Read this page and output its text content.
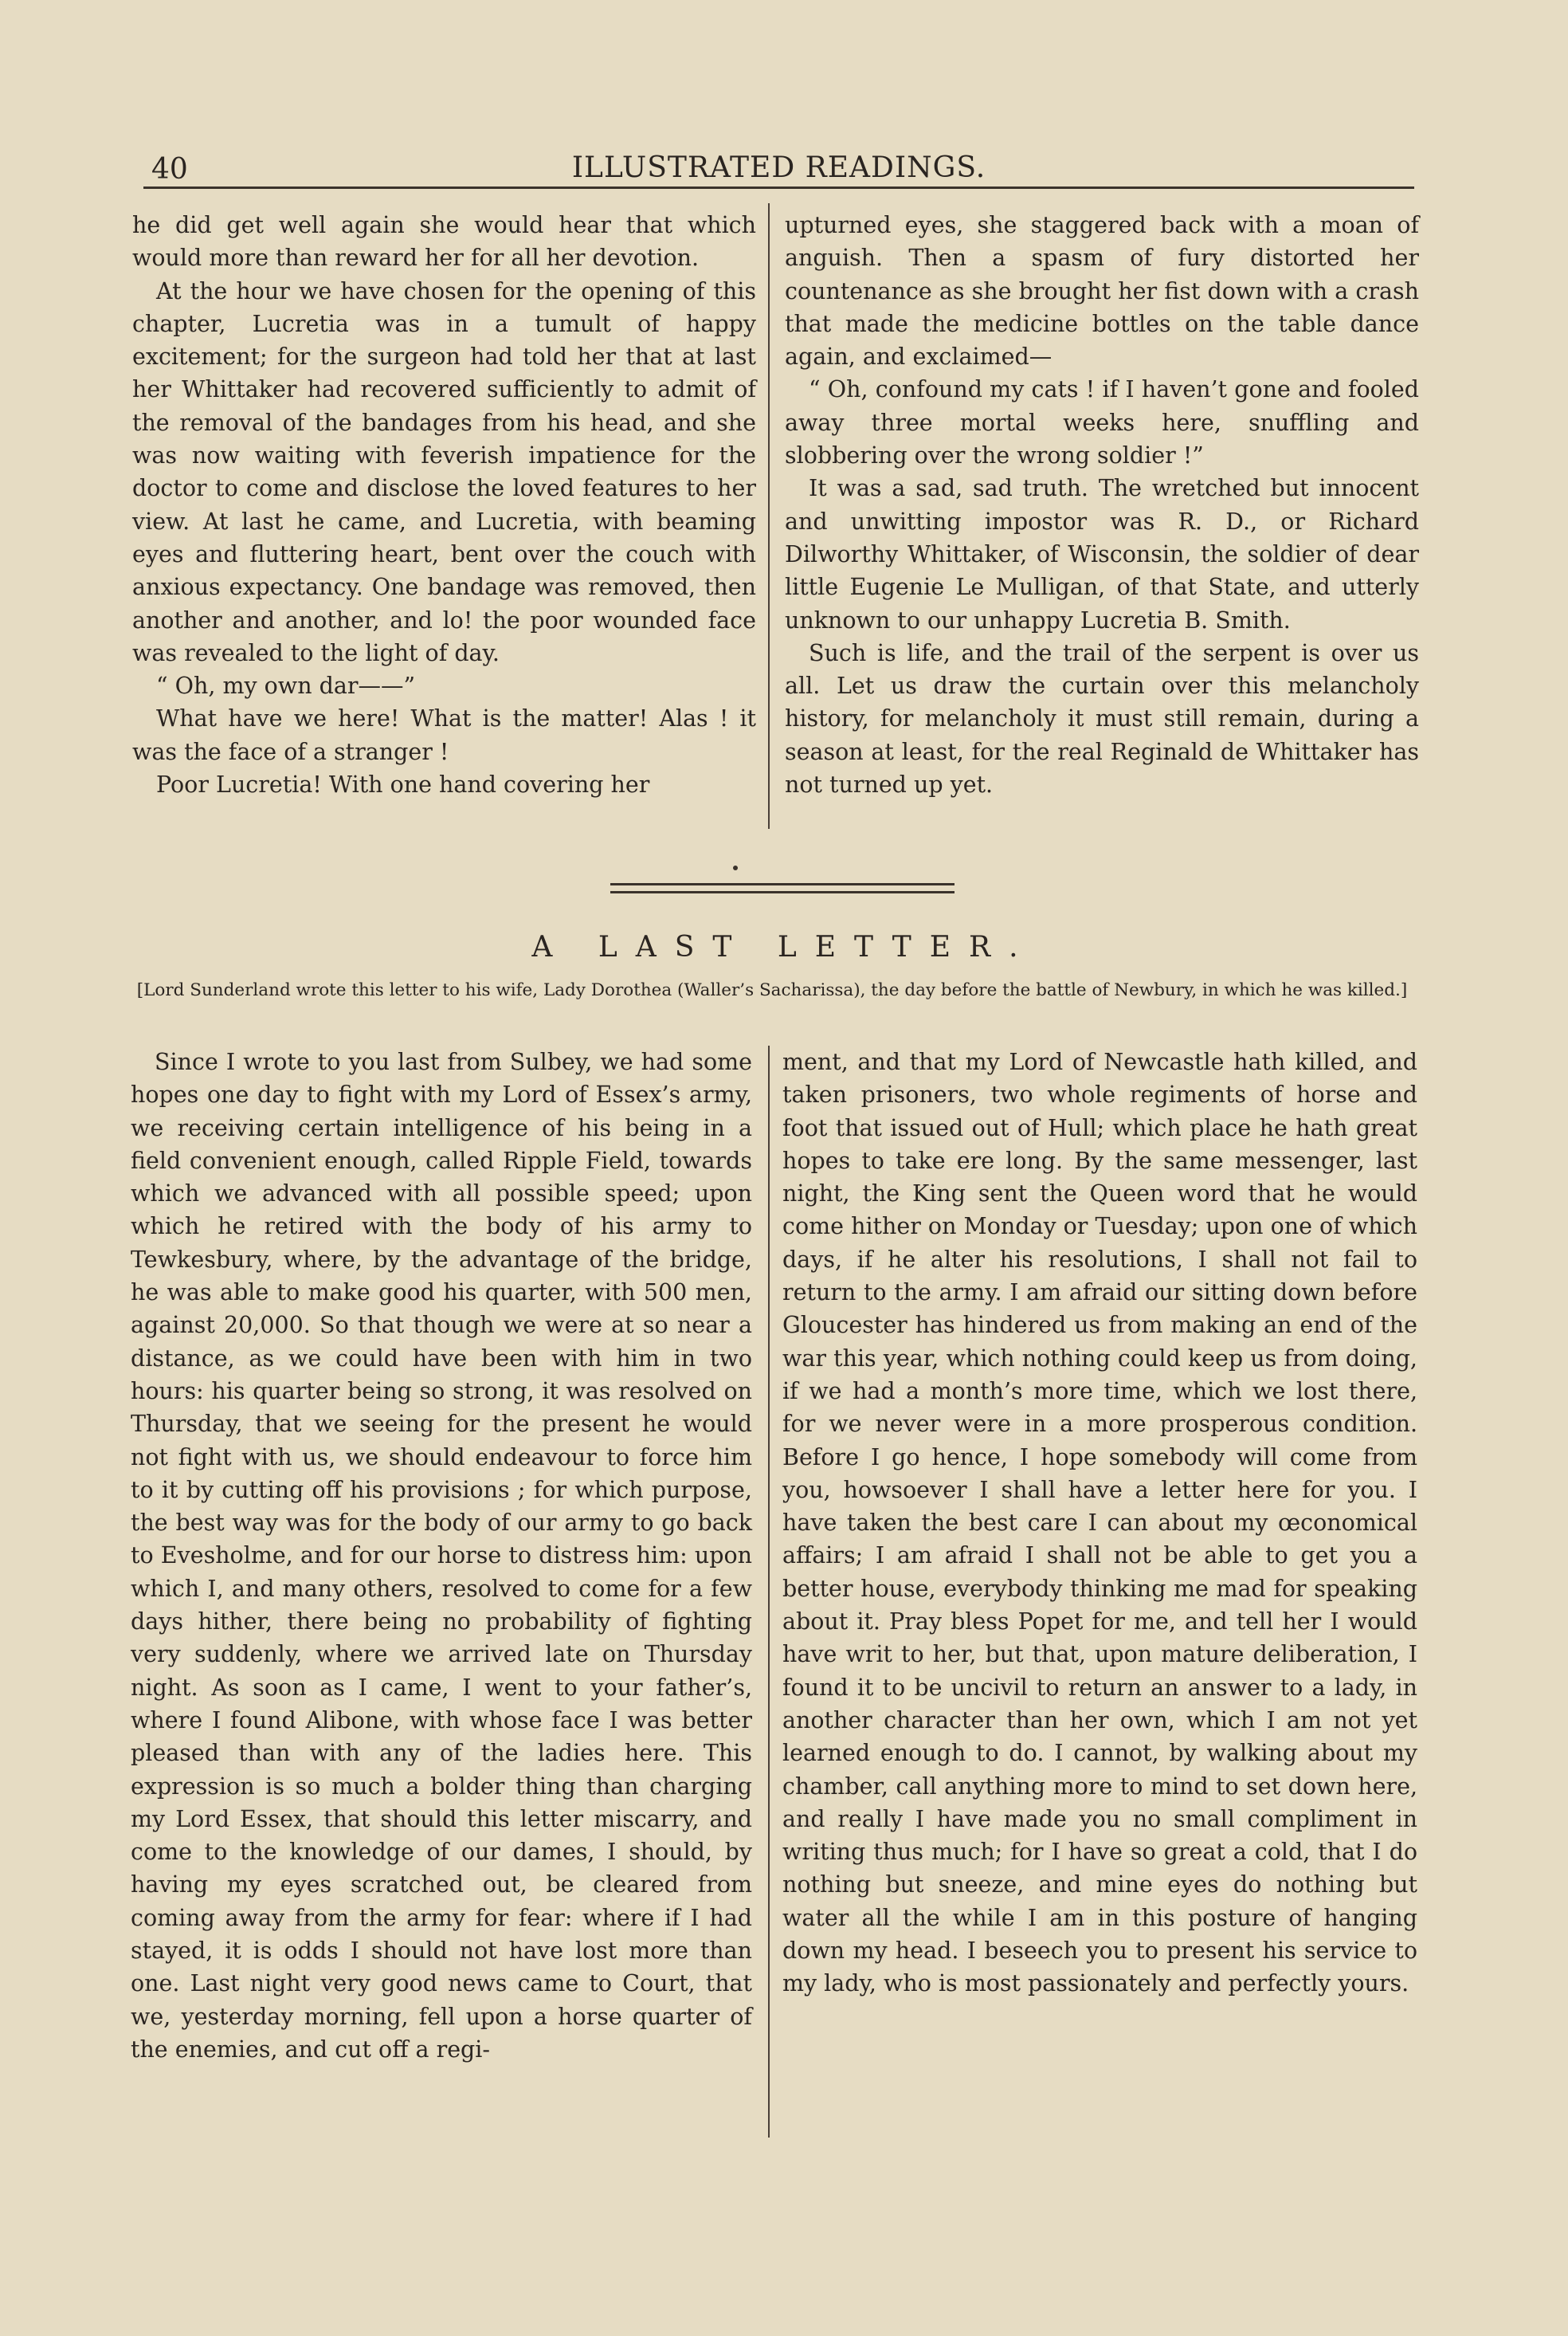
40	ILLUSTRATED READINGS.

he did get well again she would hear that which would more than reward her for all her devotion.

At the hour we have chosen for the opening of this chapter, Lucretia was in a tumult of happy excitement; for the surgeon had told her that at last her Whittaker had recovered sufficiently to admit of the removal of the bandages from his head, and she was now waiting with feverish impatience for the doctor to come and disclose the loved features to her view. At last he came, and Lucretia, with beaming eyes and fluttering heart, bent over the couch with anxious expectancy. One bandage was removed, then another and another, and lo! the poor wounded face was revealed to the light of day.

“ Oh, my own dar——”

What have we here! What is the matter! Alas ! it was the face of a stranger !

Poor Lucretia! With one hand covering her

upturned eyes, she staggered back with a moan of anguish. Then a spasm of fury distorted her countenance as she brought her fist down with a crash that made the medicine bottles on the table dance again, and exclaimed—

“ Oh, confound my cats ! if I haven’t gone and fooled away three mortal weeks here, snuffling and slobbering over the wrong soldier !”

It was a sad, sad truth. The wretched but innocent and unwitting impostor was R. D., or Richard Dilworthy Whittaker, of Wisconsin, the soldier of dear little Eugenie Le Mulligan, of that State, and utterly unknown to our unhappy Lucretia B. Smith.

Such is life, and the trail of the serpent is over us all. Let us draw the curtain over this melancholy history, for melancholy it must still remain, during a season at least, for the real Reginald de Whittaker has not turned up yet.

A LAST LETTER.
[Lord Sunderland wrote this letter to his wife, Lady Dorothea (Waller’s Sacharissa), the day before the battle of Newbury, in which he was killed.]

Since I wrote to you last from Sulbey, we had some hopes one day to fight with my Lord of Essex’s army, we receiving certain intelligence of his being in a field convenient enough, called Ripple Field, towards which we advanced with all possible speed; upon which he retired with the body of his army to Tewkesbury, where, by the advantage of the bridge, he was able to make good his quarter, with 500 men, against 20,000. So that though we were at so near a distance, as we could have been with him in two hours: his quarter being so strong, it was resolved on Thursday, that we seeing for the present he would not fight with us, we should endeavour to force him to it by cutting off his provisions ; for which purpose, the best way was for the body of our army to go back to Evesholme, and for our horse to distress him: upon which I, and many others, resolved to come for a few days hither, there being no probability of fighting very suddenly, where we arrived late on Thursday night. As soon as I came, I went to your father’s, where I found Alibone, with whose face I was better pleased than with any of the ladies here. This expression is so much a bolder thing than charging my Lord Essex, that should this letter miscarry, and come to the knowledge of our dames, I should, by having my eyes scratched out, be cleared from coming away from the army for fear: where if I had stayed, it is odds I should not have lost more than one. Last night very good news came to Court, that we, yesterday morning, fell upon a horse quarter of the enemies, and cut off a regi-

ment, and that my Lord of Newcastle hath killed, and taken prisoners, two whole regiments of horse and foot that issued out of Hull; which place he hath great hopes to take ere long. By the same messenger, last night, the King sent the Queen word that he would come hither on Monday or Tuesday; upon one of which days, if he alter his resolutions, I shall not fail to return to the army. I am afraid our sitting down before Gloucester has hindered us from making an end of the war this year, which nothing could keep us from doing, if we had a month’s more time, which we lost there, for we never were in a more prosperous condition. Before I go hence, I hope somebody will come from you, howsoever I shall have a letter here for you. I have taken the best care I can about my œconomical affairs; I am afraid I shall not be able to get you a better house, everybody thinking me mad for speaking about it. Pray bless Popet for me, and tell her I would have writ to her, but that, upon mature deliberation, I found it to be uncivil to return an answer to a lady, in another character than her own, which I am not yet learned enough to do. I cannot, by walking about my chamber, call anything more to mind to set down here, and really I have made you no small compliment in writing thus much; for I have so great a cold, that I do nothing but sneeze, and mine eyes do nothing but water all the while I am in this posture of hanging down my head. I beseech you to present his service to my lady, who is most passionately and perfectly yours.
